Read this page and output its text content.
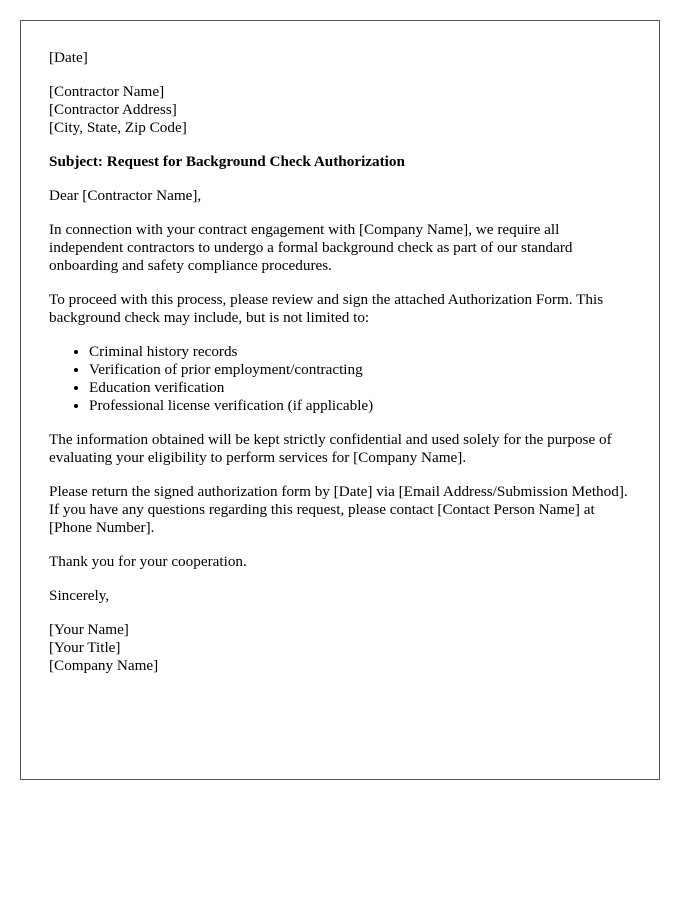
[Date]

[Contractor Name]
[Contractor Address]
[City, State, Zip Code]

Subject: Request for Background Check Authorization

Dear [Contractor Name],

In connection with your contract engagement with [Company Name], we require all independent contractors to undergo a formal background check as part of our standard onboarding and safety compliance procedures.

To proceed with this process, please review and sign the attached Authorization Form. This background check may include, but is not limited to:

• Criminal history records
• Verification of prior employment/contracting
• Education verification
• Professional license verification (if applicable)

The information obtained will be kept strictly confidential and used solely for the purpose of evaluating your eligibility to perform services for [Company Name].

Please return the signed authorization form by [Date] via [Email Address/Submission Method]. If you have any questions regarding this request, please contact [Contact Person Name] at [Phone Number].

Thank you for your cooperation.

Sincerely,

[Your Name]
[Your Title]
[Company Name]
